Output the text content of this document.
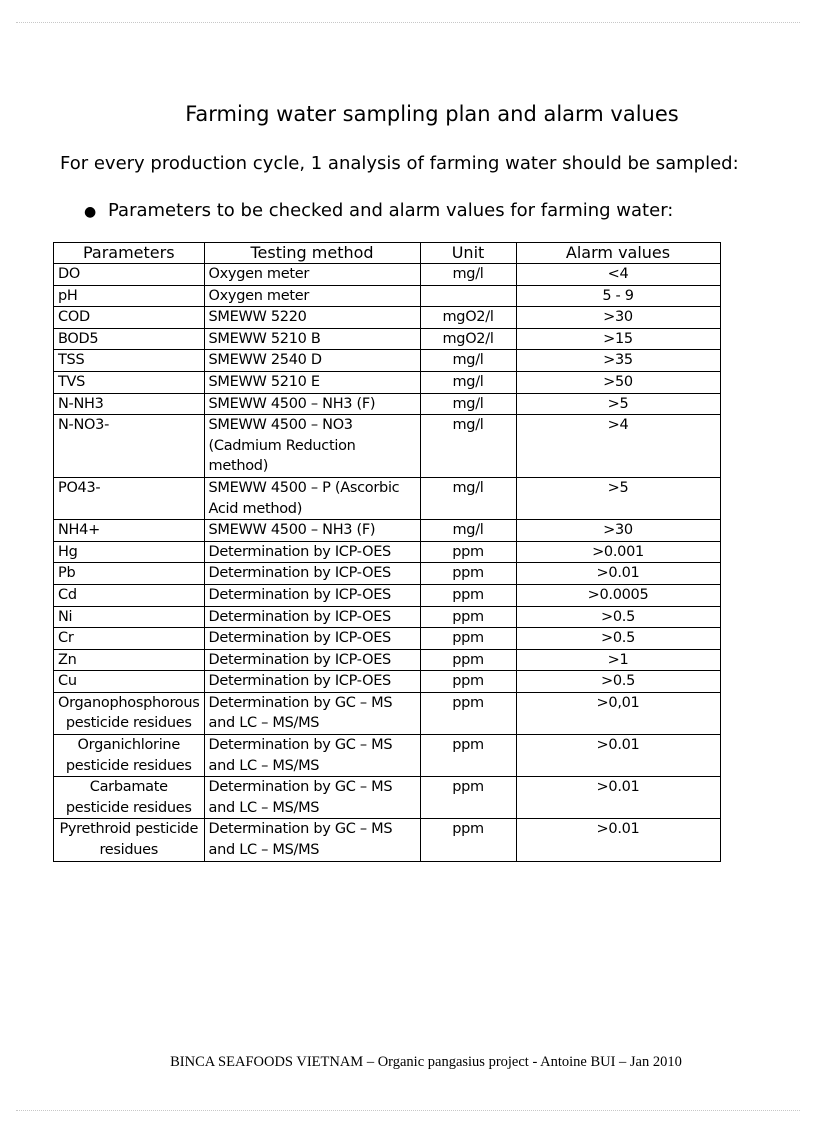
Farming water sampling plan and alarm values
For every production cycle, 1 analysis of farming water should be sampled:
● Parameters to be checked and alarm values for farming water:
Parameters	Testing method	Unit	Alarm values
DO	Oxygen meter	mg/l	<4
pH	Oxygen meter		5 - 9
COD	SMEWW 5220	mgO2/l	>30
BOD5	SMEWW 5210 B	mgO2/l	>15
TSS	SMEWW 2540 D	mg/l	>35
TVS	SMEWW 5210 E	mg/l	>50
N-NH3	SMEWW 4500 – NH3 (F)	mg/l	>5
N-NO3-	SMEWW 4500 – NO3 (Cadmium Reduction method)	mg/l	>4
PO43-	SMEWW 4500 – P (Ascorbic Acid method)	mg/l	>5
NH4+	SMEWW 4500 – NH3 (F)	mg/l	>30
Hg	Determination by ICP-OES	ppm	>0.001
Pb	Determination by ICP-OES	ppm	>0.01
Cd	Determination by ICP-OES	ppm	>0.0005
Ni	Determination by ICP-OES	ppm	>0.5
Cr	Determination by ICP-OES	ppm	>0.5
Zn	Determination by ICP-OES	ppm	>1
Cu	Determination by ICP-OES	ppm	>0.5
Organophosphorous pesticide residues	Determination by GC – MS and LC – MS/MS	ppm	>0,01
Organichlorine pesticide residues	Determination by GC – MS and LC – MS/MS	ppm	>0.01
Carbamate pesticide residues	Determination by GC – MS and LC – MS/MS	ppm	>0.01
Pyrethroid pesticide residues	Determination by GC – MS and LC – MS/MS	ppm	>0.01
BINCA SEAFOODS VIETNAM – Organic pangasius project - Antoine BUI – Jan 2010
